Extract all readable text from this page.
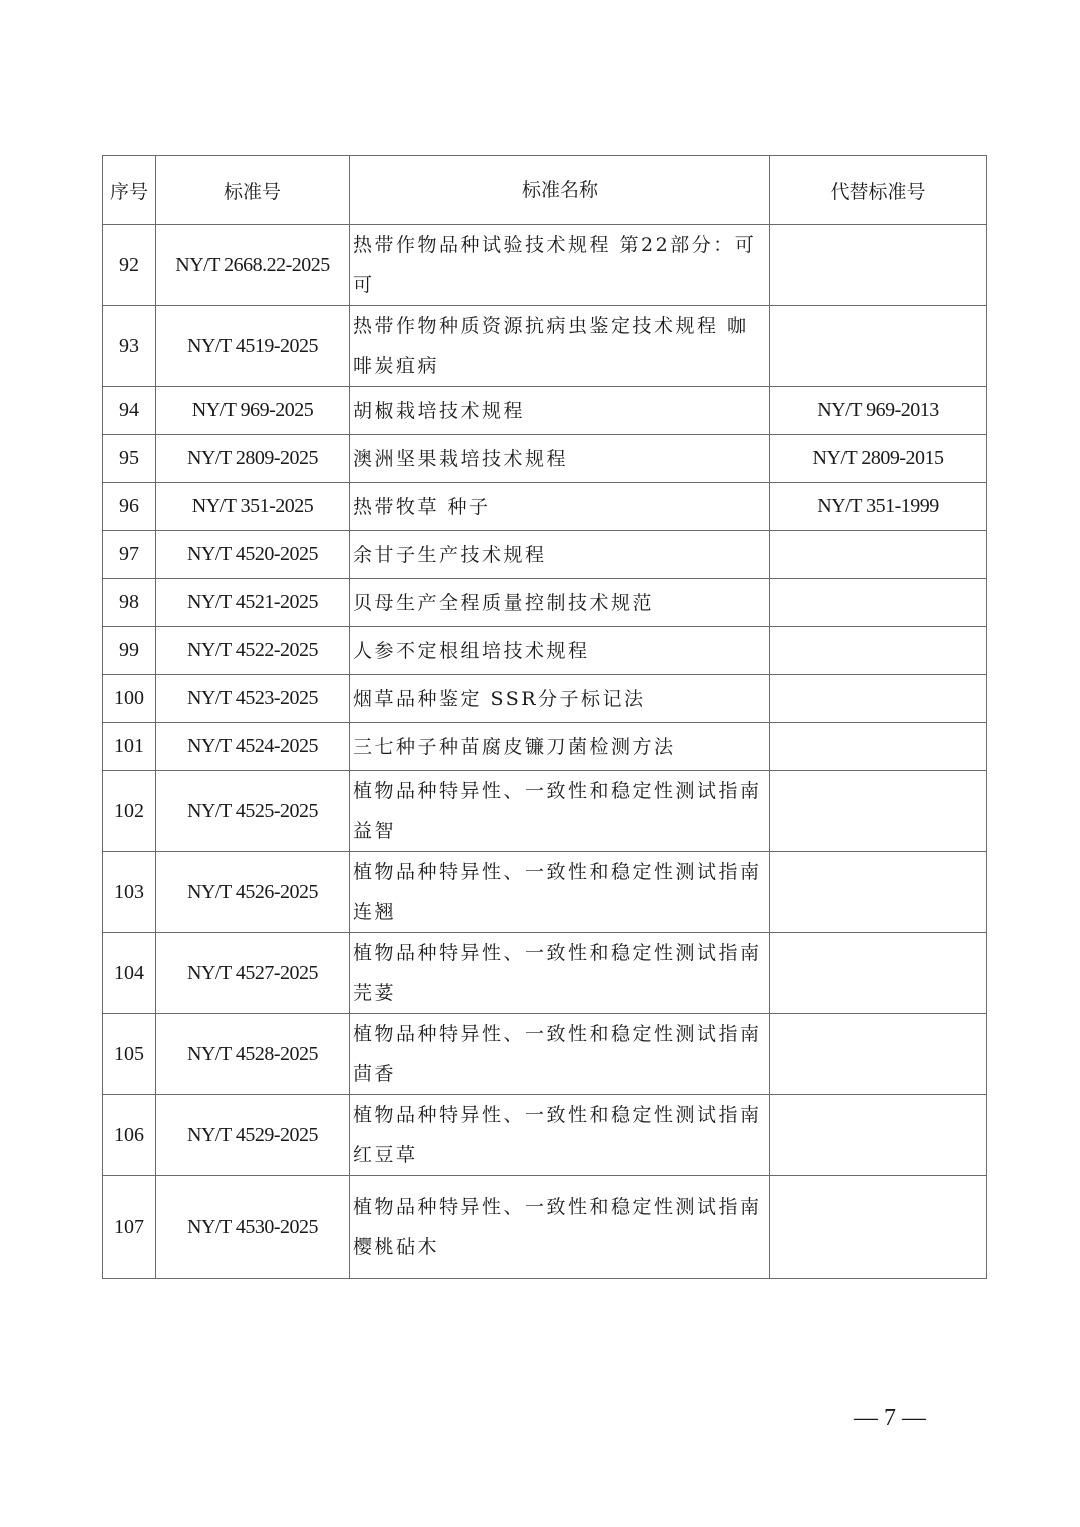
序号	标准号	标准名称	代替标准号
92	NY/T 2668.22-2025	热带作物品种试验技术规程 第22部分：可可	
93	NY/T 4519-2025	热带作物种质资源抗病虫鉴定技术规程 咖啡炭疽病	
94	NY/T 969-2025	胡椒栽培技术规程	NY/T 969-2013
95	NY/T 2809-2025	澳洲坚果栽培技术规程	NY/T 2809-2015
96	NY/T 351-2025	热带牧草 种子	NY/T 351-1999
97	NY/T 4520-2025	余甘子生产技术规程	
98	NY/T 4521-2025	贝母生产全程质量控制技术规范	
99	NY/T 4522-2025	人参不定根组培技术规程	
100	NY/T 4523-2025	烟草品种鉴定 SSR分子标记法	
101	NY/T 4524-2025	三七种子种苗腐皮镰刀菌检测方法	
102	NY/T 4525-2025	植物品种特异性、一致性和稳定性测试指南 益智	
103	NY/T 4526-2025	植物品种特异性、一致性和稳定性测试指南 连翘	
104	NY/T 4527-2025	植物品种特异性、一致性和稳定性测试指南 芫荽	
105	NY/T 4528-2025	植物品种特异性、一致性和稳定性测试指南 茴香	
106	NY/T 4529-2025	植物品种特异性、一致性和稳定性测试指南 红豆草	
107	NY/T 4530-2025	植物品种特异性、一致性和稳定性测试指南 樱桃砧木	
— 7 —
